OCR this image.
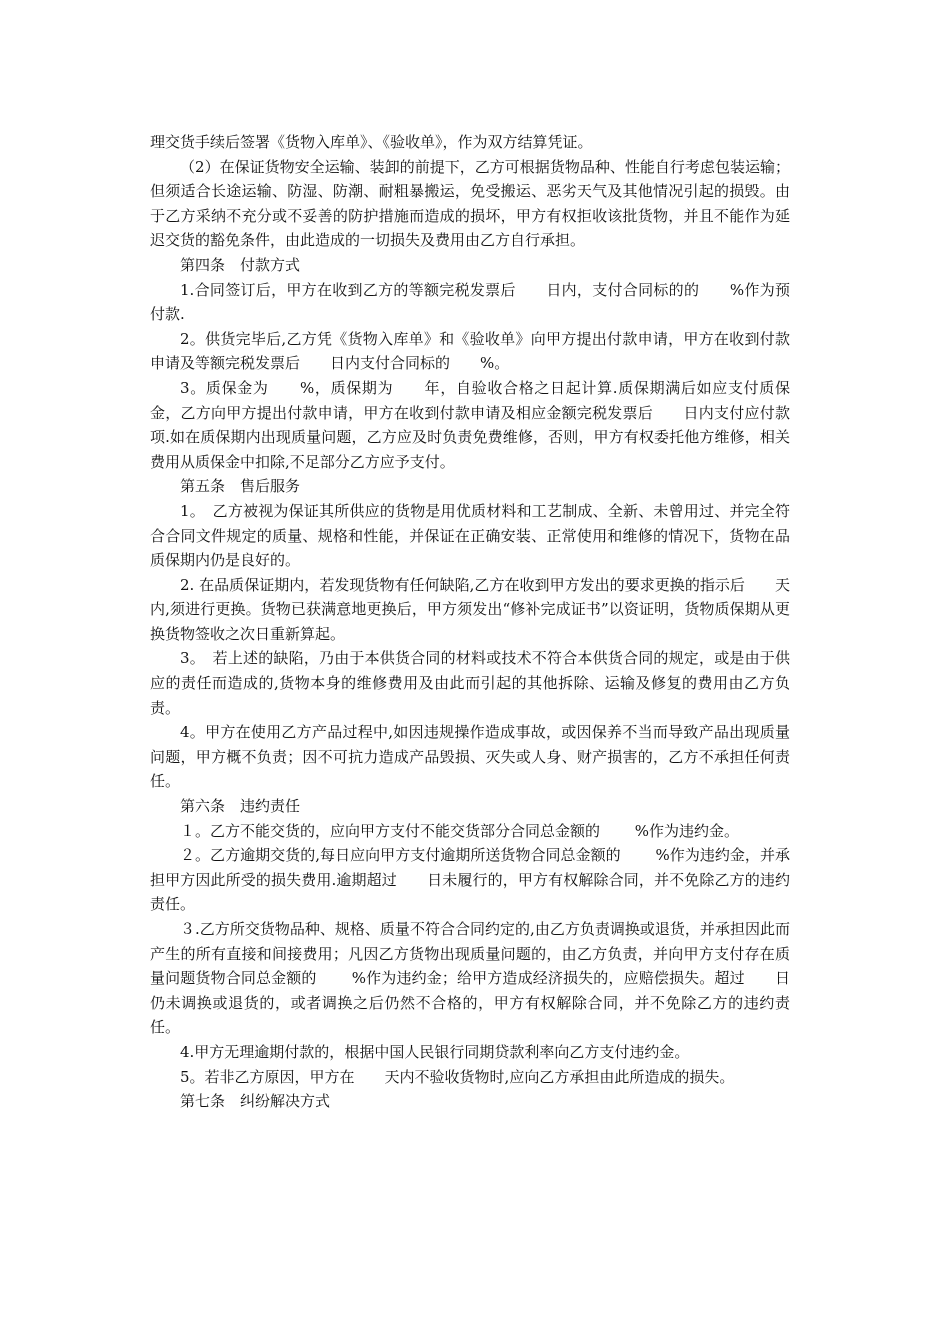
理交货手续后签署《货物入库单》、《验收单》，作为双方结算凭证。

（2）在保证货物安全运输、装卸的前提下，乙方可根据货物品种、性能自行考虑包装运输；但须适合长途运输、防湿、防潮、耐粗暴搬运，免受搬运、恶劣天气及其他情况引起的损毁。由于乙方采纳不充分或不妥善的防护措施而造成的损坏，甲方有权拒收该批货物，并且不能作为延迟交货的豁免条件，由此造成的一切损失及费用由乙方自行承担。

第四条　付款方式

1.合同签订后，甲方在收到乙方的等额完税发票后　　日内，支付合同标的的　　%作为预付款.

2。供货完毕后,乙方凭《货物入库单》和《验收单》向甲方提出付款申请，甲方在收到付款申请及等额完税发票后　　日内支付合同标的　　%。

3。质保金为　　%，质保期为　　年，自验收合格之日起计算.质保期满后如应支付质保金，乙方向甲方提出付款申请，甲方在收到付款申请及相应金额完税发票后　　日内支付应付款项.如在质保期内出现质量问题，乙方应及时负责免费维修，否则，甲方有权委托他方维修，相关费用从质保金中扣除,不足部分乙方应予支付。

第五条　售后服务

1。　乙方被视为保证其所供应的货物是用优质材料和工艺制成、全新、未曾用过、并完全符合合同文件规定的质量、规格和性能，并保证在正确安装、正常使用和维修的情况下，货物在品质保期内仍是良好的。

2. 在品质保证期内，若发现货物有任何缺陷,乙方在收到甲方发出的要求更换的指示后　　天内,须进行更换。货物已获满意地更换后，甲方须发出“修补完成证书”以资证明，货物质保期从更换货物签收之次日重新算起。

3。　若上述的缺陷，乃由于本供货合同的材料或技术不符合本供货合同的规定，或是由于供应的责任而造成的,货物本身的维修费用及由此而引起的其他拆除、运输及修复的费用由乙方负责。

4。甲方在使用乙方产品过程中,如因违规操作造成事故，或因保养不当而导致产品出现质量问题，甲方概不负责；因不可抗力造成产品毁损、灭失或人身、财产损害的，乙方不承担任何责任。

第六条　违约责任

１。乙方不能交货的，应向甲方支付不能交货部分合同总金额的　　 %作为违约金。

２。乙方逾期交货的,每日应向甲方支付逾期所送货物合同总金额的　　 %作为违约金，并承担甲方因此所受的损失费用.逾期超过　　日未履行的，甲方有权解除合同，并不免除乙方的违约责任。

３.乙方所交货物品种、规格、质量不符合合同约定的,由乙方负责调换或退货，并承担因此而产生的所有直接和间接费用；凡因乙方货物出现质量问题的，由乙方负责，并向甲方支付存在质量问题货物合同总金额的　　 %作为违约金；给甲方造成经济损失的，应赔偿损失。超过　　日仍未调换或退货的，或者调换之后仍然不合格的，甲方有权解除合同，并不免除乙方的违约责任。

4.甲方无理逾期付款的，根据中国人民银行同期贷款利率向乙方支付违约金。

5。若非乙方原因，甲方在　　天内不验收货物时,应向乙方承担由此所造成的损失。

第七条　纠纷解决方式
